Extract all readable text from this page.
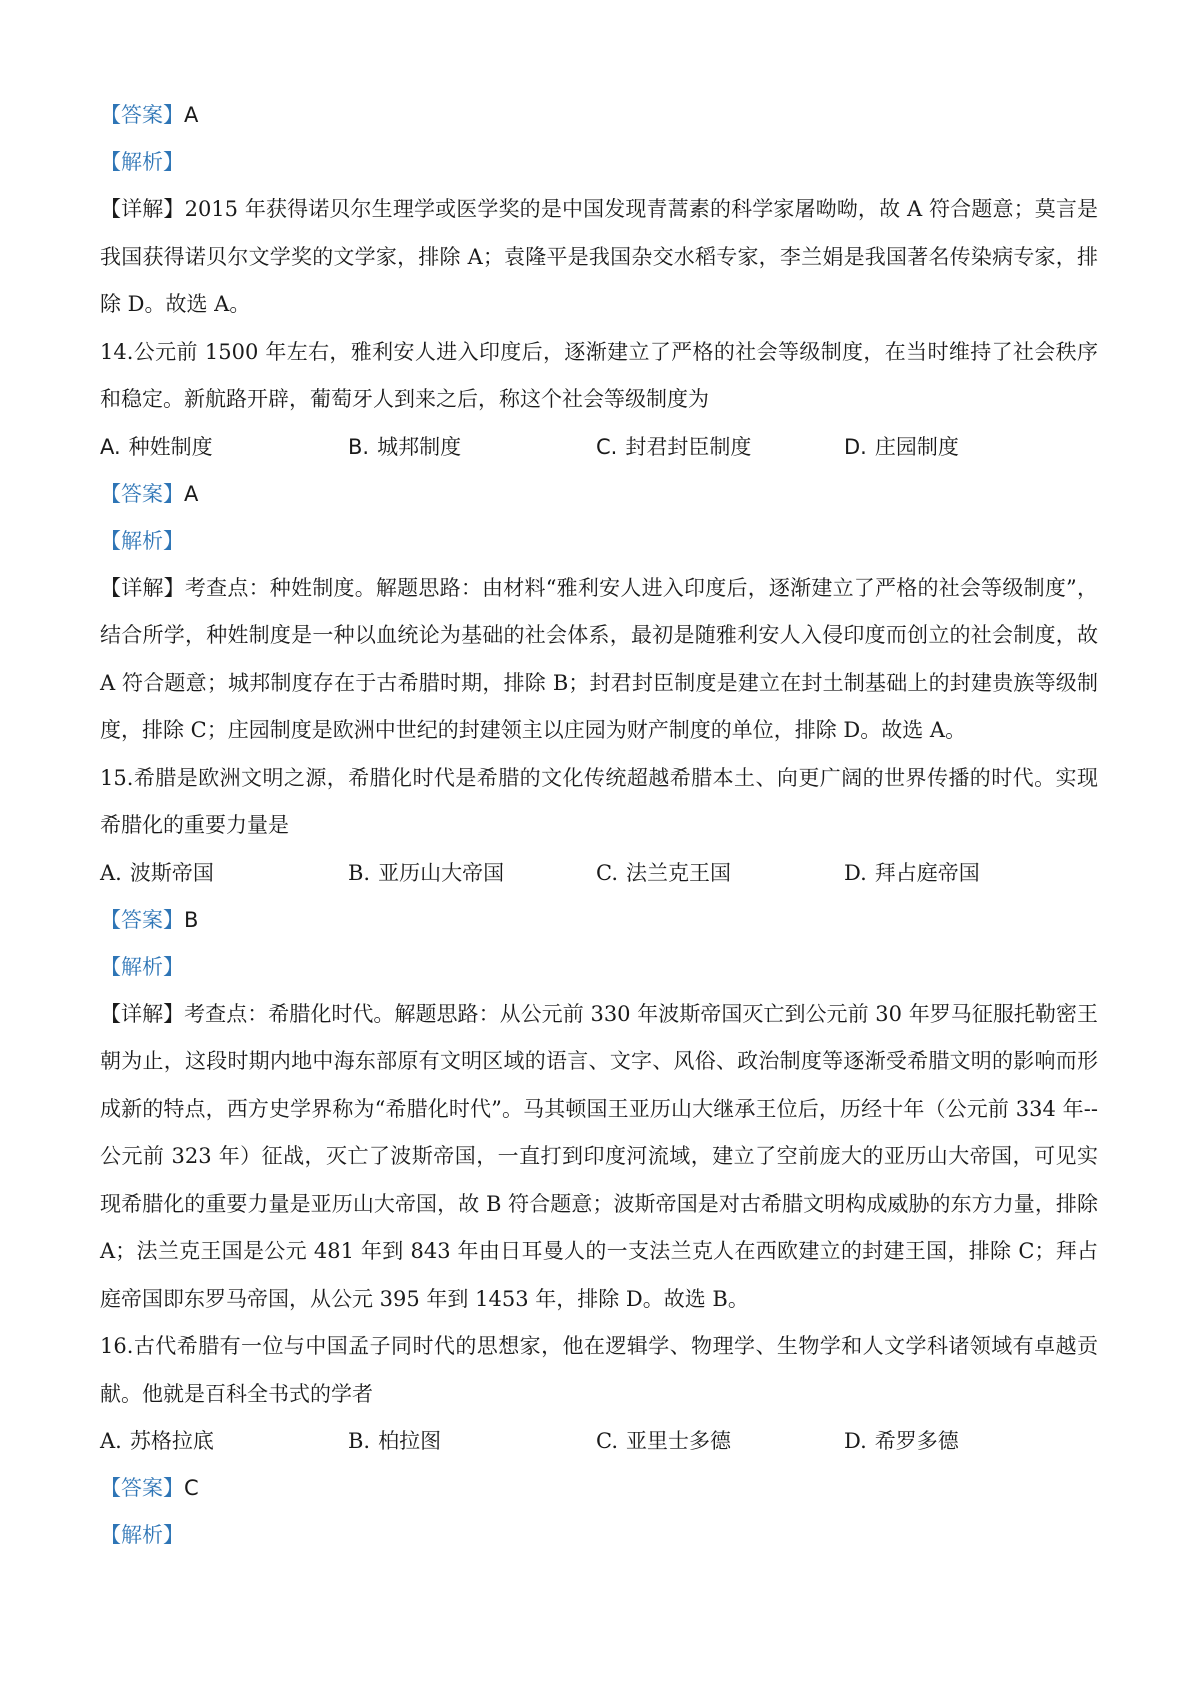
【答案】A
【解析】
【详解】2015 年获得诺贝尔生理学或医学奖的是中国发现青蒿素的科学家屠呦呦，故 A 符合题意；莫言是我国获得诺贝尔文学奖的文学家，排除 A；袁隆平是我国杂交水稻专家，李兰娟是我国著名传染病专家，排除 D。故选 A。
14.公元前 1500 年左右，雅利安人进入印度后，逐渐建立了严格的社会等级制度，在当时维持了社会秩序和稳定。新航路开辟，葡萄牙人到来之后，称这个社会等级制度为
A. 种姓制度	B. 城邦制度	C. 封君封臣制度	D. 庄园制度
【答案】A
【解析】
【详解】考查点：种姓制度。解题思路：由材料“雅利安人进入印度后，逐渐建立了严格的社会等级制度”，结合所学，种姓制度是一种以血统论为基础的社会体系，最初是随雅利安人入侵印度而创立的社会制度，故 A 符合题意；城邦制度存在于古希腊时期，排除 B；封君封臣制度是建立在封土制基础上的封建贵族等级制度，排除 C；庄园制度是欧洲中世纪的封建领主以庄园为财产制度的单位，排除 D。故选 A。
15.希腊是欧洲文明之源，希腊化时代是希腊的文化传统超越希腊本土、向更广阔的世界传播的时代。实现希腊化的重要力量是
A. 波斯帝国	B. 亚历山大帝国	C. 法兰克王国	D. 拜占庭帝国
【答案】B
【解析】
【详解】考查点：希腊化时代。解题思路：从公元前 330 年波斯帝国灭亡到公元前 30 年罗马征服托勒密王朝为止，这段时期内地中海东部原有文明区域的语言、文字、风俗、政治制度等逐渐受希腊文明的影响而形成新的特点，西方史学界称为“希腊化时代”。马其顿国王亚历山大继承王位后，历经十年（公元前 334 年--公元前 323 年）征战，灭亡了波斯帝国，一直打到印度河流域，建立了空前庞大的亚历山大帝国，可见实现希腊化的重要力量是亚历山大帝国，故 B 符合题意；波斯帝国是对古希腊文明构成威胁的东方力量，排除 A；法兰克王国是公元 481 年到 843 年由日耳曼人的一支法兰克人在西欧建立的封建王国，排除 C；拜占庭帝国即东罗马帝国，从公元 395 年到 1453 年，排除 D。故选 B。
16.古代希腊有一位与中国孟子同时代的思想家，他在逻辑学、物理学、生物学和人文学科诸领域有卓越贡献。他就是百科全书式的学者
A. 苏格拉底	B. 柏拉图	C. 亚里士多德	D. 希罗多德
【答案】C
【解析】
